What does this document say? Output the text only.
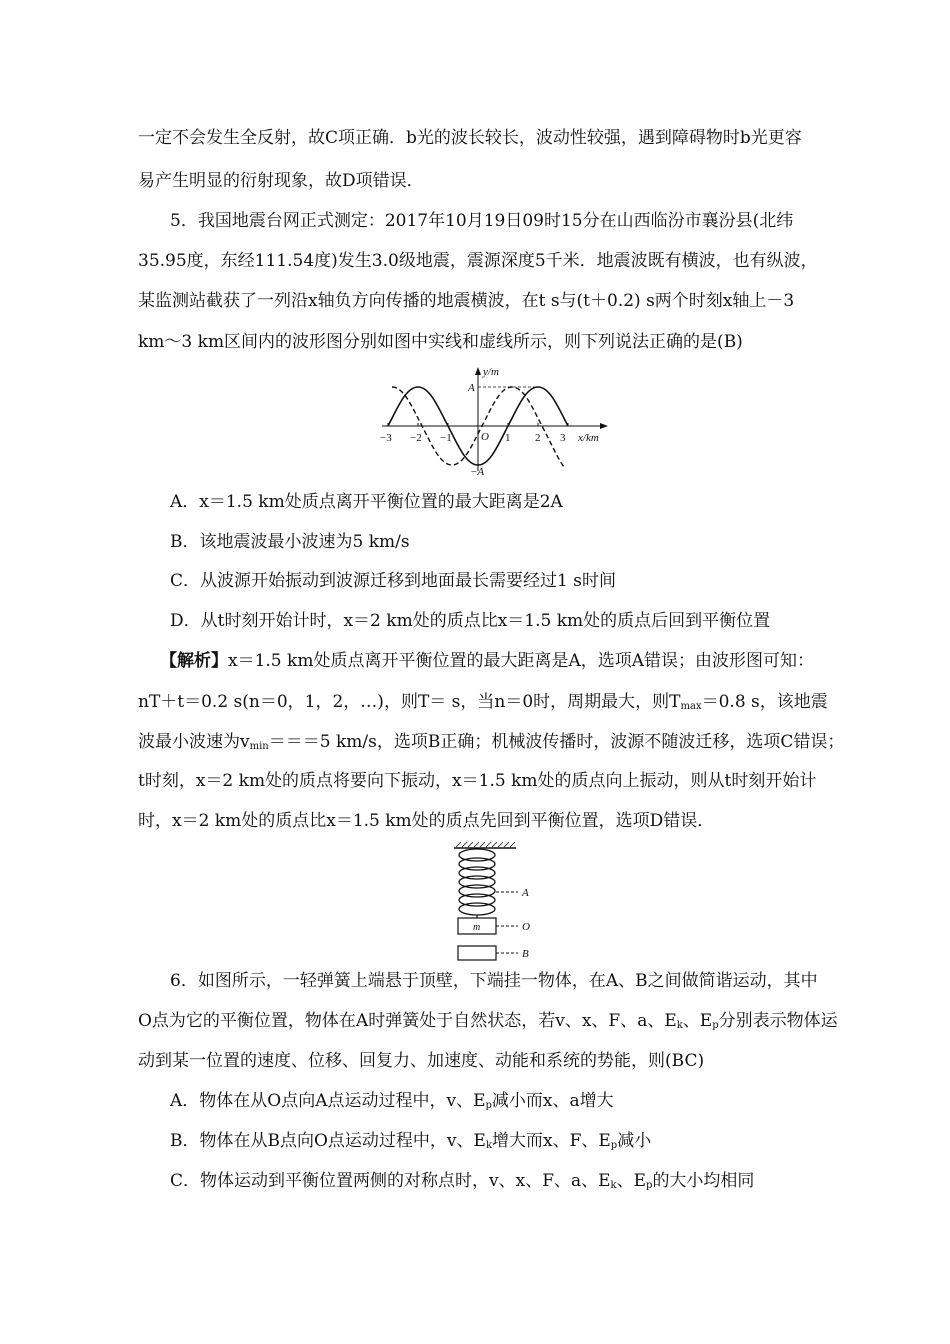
一定不会发生全反射，故C项正确．b光的波长较长，波动性较强，遇到障碍物时b光更容
易产生明显的衍射现象，故D项错误．
5．我国地震台网正式测定：2017年10月19日09时15分在山西临汾市襄汾县(北纬
35.95度，东经111.54度)发生3.0级地震，震源深度5千米．地震波既有横波，也有纵波，
某监测站截获了一列沿x轴负方向传播的地震横波，在t s与(t＋0.2) s两个时刻x轴上－3
km～3 km区间内的波形图分别如图中实线和虚线所示，则下列说法正确的是(B)
y/m
A
−A
O	x/km
−3 −2 −1	1 2 3
A．x＝1.5 km处质点离开平衡位置的最大距离是2A
B．该地震波最小波速为5 km/s
C．从波源开始振动到波源迁移到地面最长需要经过1 s时间
D．从t时刻开始计时，x＝2 km处的质点比x＝1.5 km处的质点后回到平衡位置
【解析】x＝1.5 km处质点离开平衡位置的最大距离是A，选项A错误；由波形图可知：
nT＋t＝0.2 s(n＝0，1，2，…)，则T＝ s，当n＝0时，周期最大，则$T_{max}=0.8$ s，该地震
波最小波速为$v_{min}===5$ km/s，选项B正确；机械波传播时，波源不随波迁移，选项C错误；
t时刻，x＝2 km处的质点将要向下振动，x＝1.5 km处的质点向上振动，则从t时刻开始计
时，x＝2 km处的质点比x＝1.5 km处的质点先回到平衡位置，选项D错误．
m
A
O
B
6．如图所示，一轻弹簧上端悬于顶壁，下端挂一物体，在A、B之间做简谐运动，其中
O点为它的平衡位置，物体在A时弹簧处于自然状态，若v、x、F、a、$E_k$、$E_p$分别表示物体运
动到某一位置的速度、位移、回复力、加速度、动能和系统的势能，则(BC)
A．物体在从O点向A点运动过程中，v、$E_p$减小而x、a增大
B．物体在从B点向O点运动过程中，v、$E_k$增大而x、F、$E_p$减小
C．物体运动到平衡位置两侧的对称点时，v、x、F、a、$E_k$、$E_p$的大小均相同
